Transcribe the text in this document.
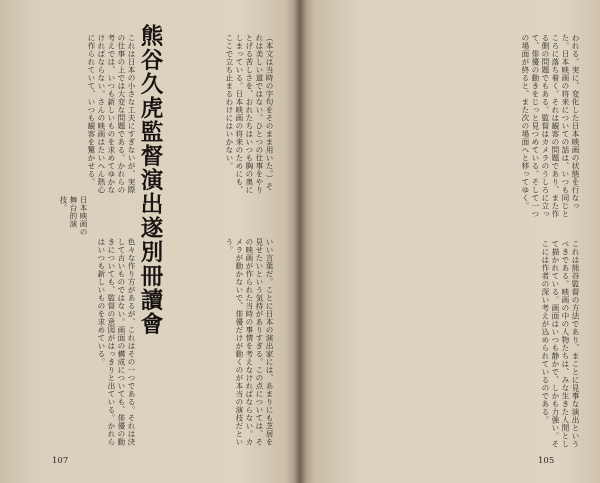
（本文は当時の字句をそのまま用いた。）それは美しい道ではない。ひとつの仕事をやりとげる苦しさを、おれたちはいつも胸の奥にしまっている。日本映画の将来のためにも、ここで立ち止まるわけにはいかない。
これは日本の小さな工夫にすぎないが、実際の仕事の上では大変な問題である。かれらの考えでは、いつも新しいものを求めてゆかなければならない。さんの映画はたいへん熱心に作られていて、いつも観客を驚かせる。
日本映画の舞台的演技。
いい言葉だ。ことに日本の演出家には、あまりにも芝居を見せたいという気持がありすぎる。この点については、その映画が作られた当時の事情を考えなければならない。カメラが動かないで、俳優だけが動くのが本当の演技だという。
色々な作り方があるが、これはその一つである。それは決して古いものではない。画面の構成についても、俳優の動きについても、監督の意図がはっきりと出ている。かれらはいつも新しいものを求めている。	熊谷久虎監督演出遂別冊讀會
107
われる。実に、変化した日本映画の状態を行なった。日本映画の将来についての話は、いつも同じところに落ち着く。それは観客の問題であり、また作る側の問題でもある。監督はカメラのうしろに立って、俳優の動きをじっと見つめている。そして一つの場面が終ると、また次の場面へと移ってゆく。
これは熊谷監督の方法であり、まことに見事な演出というべきである。映画の中の人物たちは、みな生きた人間として描かれている。画面はいつも静かで、しかも力強い。そこには作者の深い考えが込められているのである。
105
